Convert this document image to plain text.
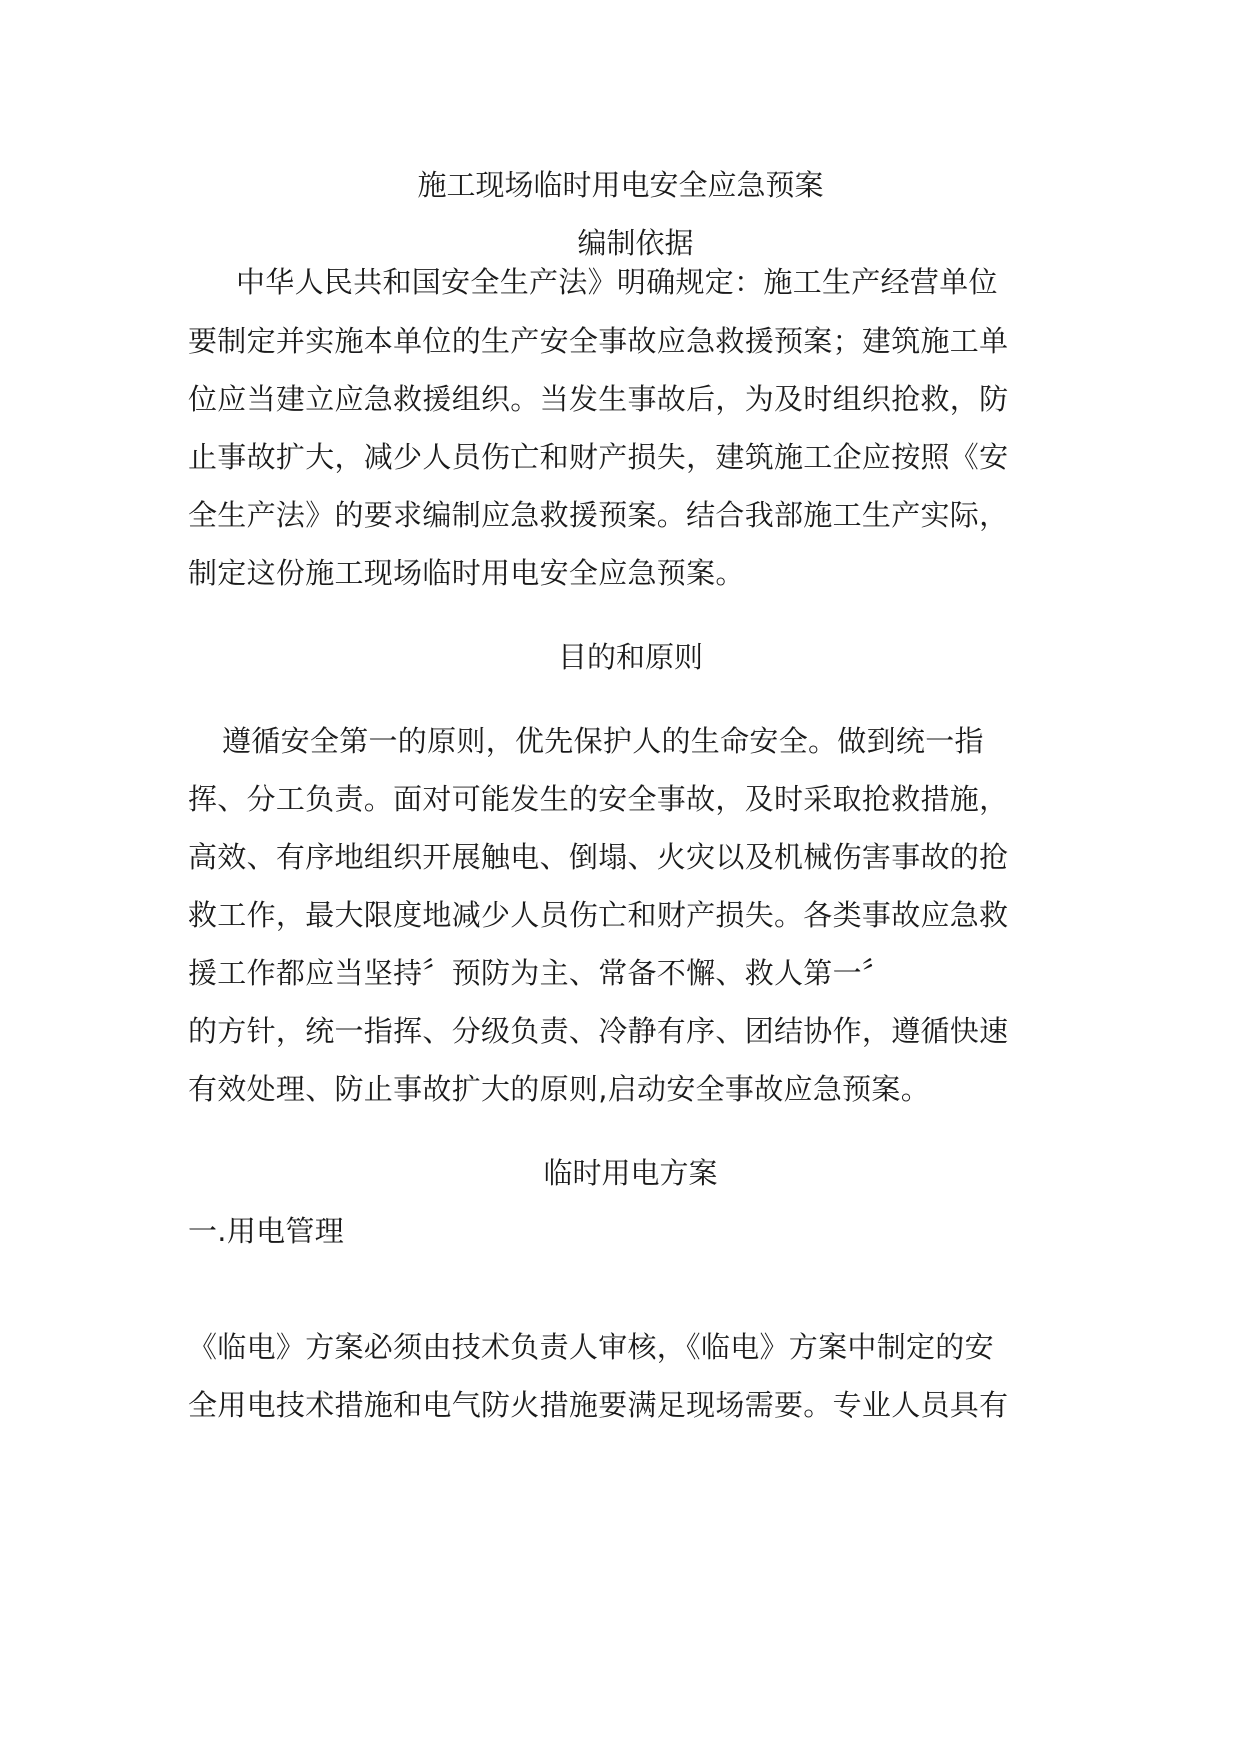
施工现场临时用电安全应急预案
编制依据
中华人民共和国安全生产法》明确规定：施工生产经营单位
要制定并实施本单位的生产安全事故应急救援预案；建筑施工单
位应当建立应急救援组织。当发生事故后，为及时组织抢救，防
止事故扩大，减少人员伤亡和财产损失，建筑施工企应按照《安
全生产法》的要求编制应急救援预案。结合我部施工生产实际，
制定这份施工现场临时用电安全应急预案。
目的和原则
遵循安全第一的原则，优先保护人的生命安全。做到统一指
挥、分工负责。面对可能发生的安全事故，及时采取抢救措施，
高效、有序地组织开展触电、倒塌、火灾以及机械伤害事故的抢
救工作，最大限度地减少人员伤亡和财产损失。各类事故应急救
援工作都应当坚持〞预防为主、常备不懈、救人第一〞
的方针，统一指挥、分级负责、冷静有序、团结协作，遵循快速
有效处理、防止事故扩大的原则,启动安全事故应急预案。
临时用电方案
一.用电管理
《临电》方案必须由技术负责人审核，《临电》方案中制定的安
全用电技术措施和电气防火措施要满足现场需要。专业人员具有
